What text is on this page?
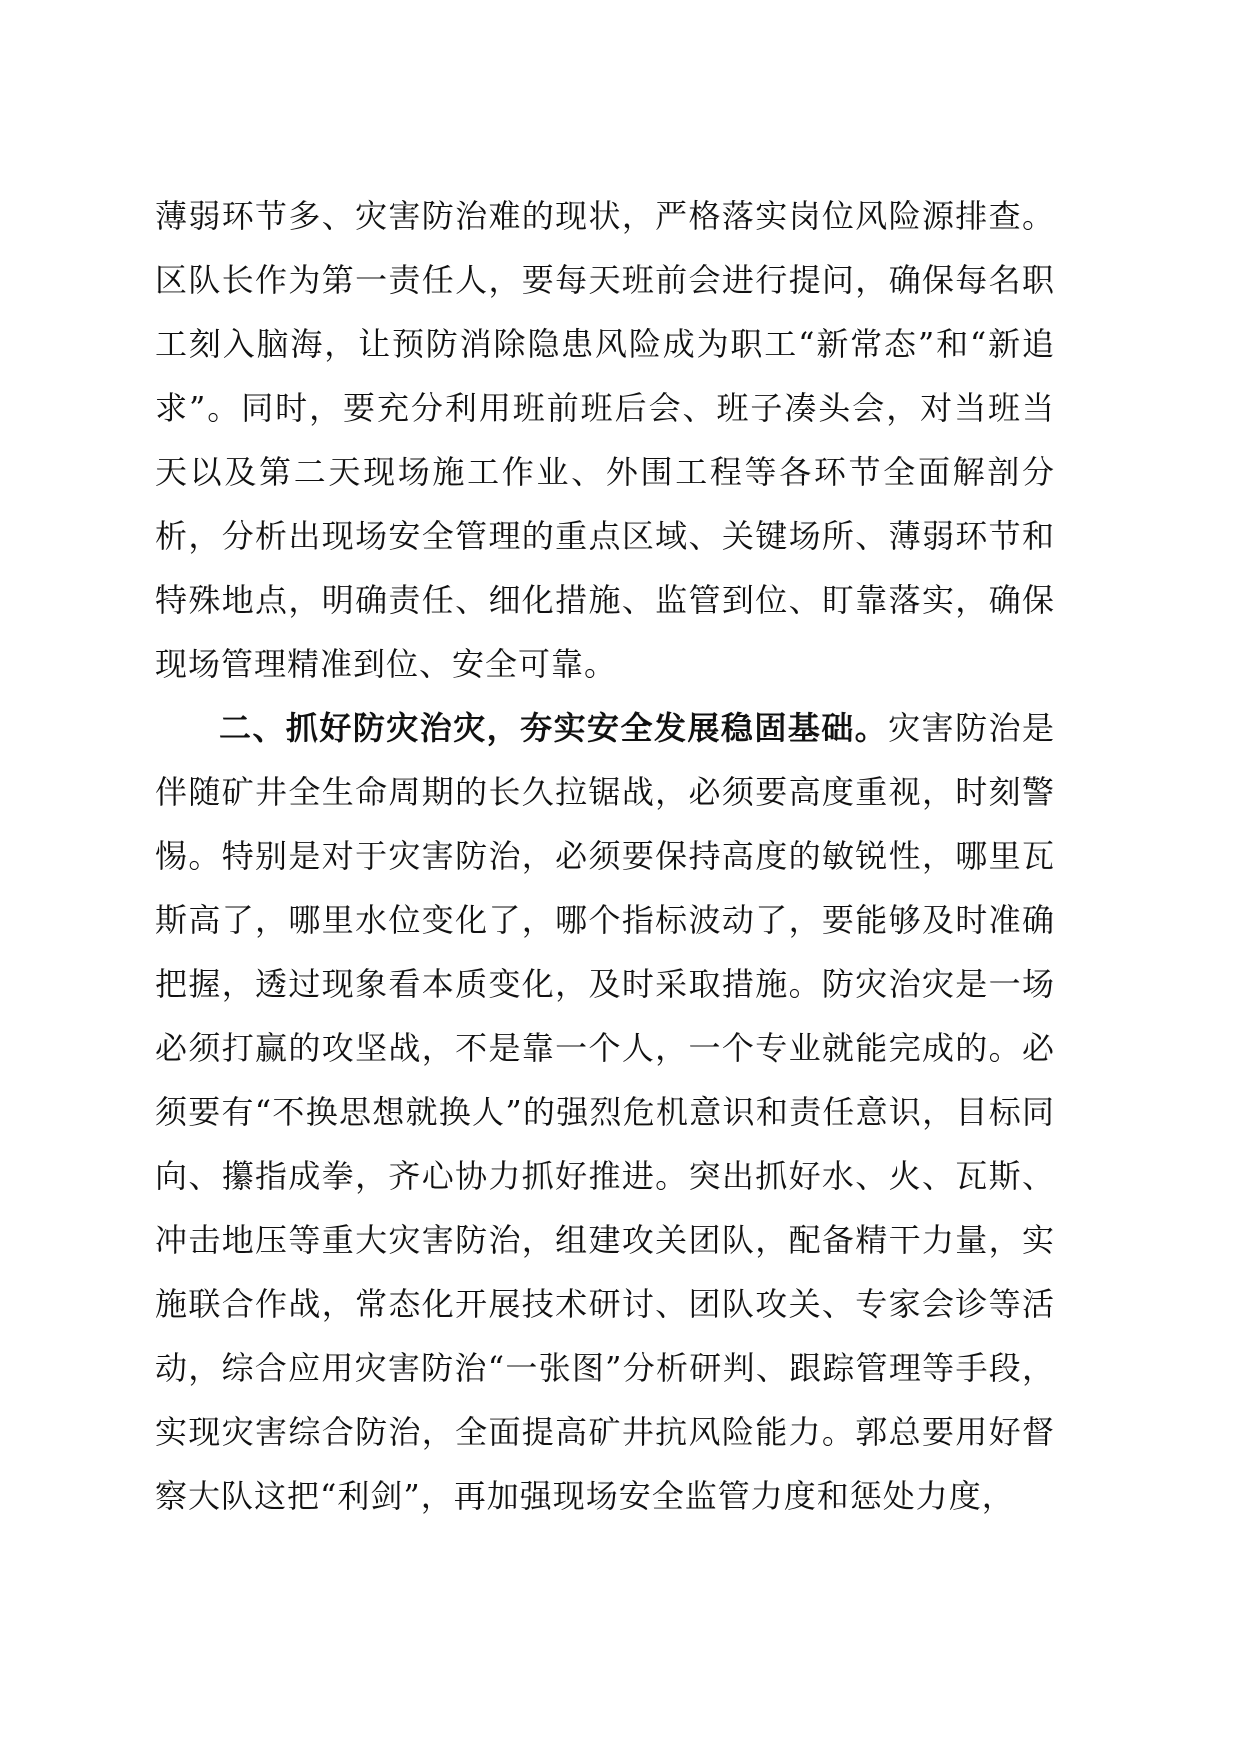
薄弱环节多、灾害防治难的现状，严格落实岗位风险源排查。区队长作为第一责任人，要每天班前会进行提问，确保每名职工刻入脑海，让预防消除隐患风险成为职工“新常态”和“新追求”。同时，要充分利用班前班后会、班子凑头会，对当班当天以及第二天现场施工作业、外围工程等各环节全面解剖分析，分析出现场安全管理的重点区域、关键场所、薄弱环节和特殊地点，明确责任、细化措施、监管到位、盯靠落实，确保现场管理精准到位、安全可靠。

二、抓好防灾治灾，夯实安全发展稳固基础。灾害防治是伴随矿井全生命周期的长久拉锯战，必须要高度重视，时刻警惕。特别是对于灾害防治，必须要保持高度的敏锐性，哪里瓦斯高了，哪里水位变化了，哪个指标波动了，要能够及时准确把握，透过现象看本质变化，及时采取措施。防灾治灾是一场必须打赢的攻坚战，不是靠一个人，一个专业就能完成的。必须要有“不换思想就换人”的强烈危机意识和责任意识，目标同向、攥指成拳，齐心协力抓好推进。突出抓好水、火、瓦斯、冲击地压等重大灾害防治，组建攻关团队，配备精干力量，实施联合作战，常态化开展技术研讨、团队攻关、专家会诊等活动，综合应用灾害防治“一张图”分析研判、跟踪管理等手段，实现灾害综合防治，全面提高矿井抗风险能力。郭总要用好督察大队这把“利剑”，再加强现场安全监管力度和惩处力度，
